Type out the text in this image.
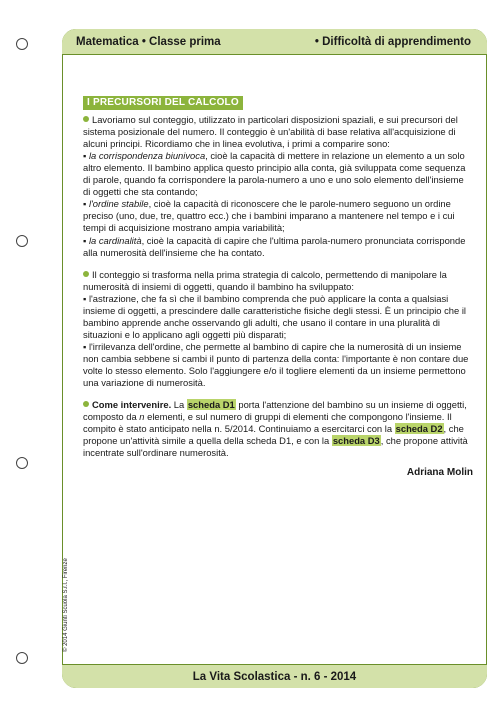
Matematica • Classe prima	• Difficoltà di apprendimento
© 2014 Giunti Scuola S.r.l., Firenze
I PRECURSORI DEL CALCOLO
Lavoriamo sul conteggio, utilizzato in particolari disposizioni spaziali, e sui precursori del sistema posizionale del numero. Il conteggio è un'abilità di base relativa all'acquisizione di alcuni principi. Ricordiamo che in linea evolutiva, i primi a comparire sono:
▪ la corrispondenza biunivoca, cioè la capacità di mettere in relazione un elemento a un solo altro elemento. Il bambino applica questo principio alla conta, già sviluppata come sequenza di parole, quando fa corrispondere la parola-numero a uno e uno solo elemento dell'insieme di oggetti che sta contando;
▪ l'ordine stabile, cioè la capacità di riconoscere che le parole-numero seguono un ordine preciso (uno, due, tre, quattro ecc.) che i bambini imparano a mantenere nel tempo e i cui tempi di acquisizione mostrano ampia variabilità;
▪ la cardinalità, cioè la capacità di capire che l'ultima parola-numero pronunciata corrisponde alla numerosità dell'insieme che ha contato.
Il conteggio si trasforma nella prima strategia di calcolo, permettendo di manipolare la numerosità di insiemi di oggetti, quando il bambino ha sviluppato:
▪ l'astrazione, che fa sì che il bambino comprenda che può applicare la conta a qualsiasi insieme di oggetti, a prescindere dalle caratteristiche fisiche degli stessi. È un principio che il bambino apprende anche osservando gli adulti, che usano il contare in una pluralità di situazioni e lo applicano agli oggetti più disparati;
▪ l'irrilevanza dell'ordine, che permette al bambino di capire che la numerosità di un insieme non cambia sebbene si cambi il punto di partenza della conta: l'importante è non contare due volte lo stesso elemento. Solo l'aggiungere e/o il togliere elementi da un insieme permettono una variazione di numerosità.
Come intervenire. La scheda D1 porta l'attenzione del bambino su un insieme di oggetti, composto da n elementi, e sul numero di gruppi di elementi che compongono l'insieme. Il compito è stato anticipato nella n. 5/2014. Continuiamo a esercitarci con la scheda D2, che propone un'attività simile a quella della scheda D1, e con la scheda D3, che propone attività incentrate sull'ordinare numerosità.
Adriana Molin
La Vita Scolastica - n. 6 - 2014
